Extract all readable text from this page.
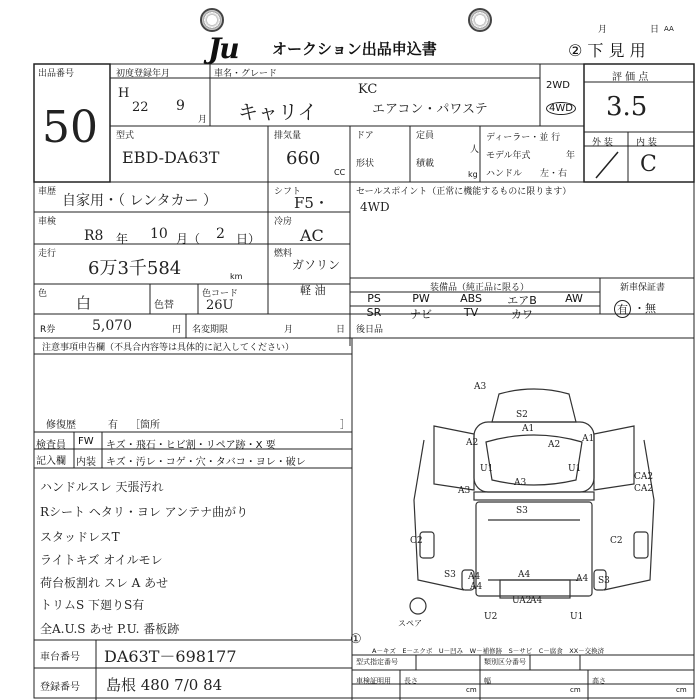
Ju オークション出品申込書
月	日 AA
② 下 見 用
出品番号
50
初度登録年月
H
22 9
月
車名・グレード
キャリイ
KC
エアコン・パワステ
2WD
4WD
評 価 点
3.5
外 装	内 装
C
型式
EBD-DA63T
排気量
660
CC
ドア	定員
人
形状	積載
kg
ディーラー・並 行
モデル年式	年
ハンドル 左・右
車歴
自家用・（ レンタカー ）
シフト
F5・
セールスポイント（正常に機能するものに限ります）
4WD
車検
R8 年 10 月（ 2 日）
冷房
AC
走行
6万3千584	km
燃料
ガソリン
軽 油
色 白	色替
色コード
26U
装備品（純正品に限る）
PS	PW	ABS	エアB	AW
SR	ナビ	TV	カワ
新車保証書
有 ・無
後日品
R券	5,070	円 名変期限	月	日
注意事項申告欄（不具合内容等は具体的に記入してください）
修復歴	有 ［箇所	］
検査員
記入欄
FW キズ・飛石・ヒビ割・リペア跡・X 要
内装 キズ・汚レ・コゲ・穴・タバコ・ヨレ・破レ
ハンドルスレ 天張汚れ
Rシート ヘタリ・ヨレ アンテナ曲がり
スタッドレスT
ライトキズ オイルモレ
荷台板割れ スレ A あせ
トリムS 下廻りS有
全A.U.S あせ P.U. 番板跡
A3
S2
A1
A2	A1
A2
A3
A3
S3
U1	U1
CA2
CA2
C2	C2
S3 A4	A4
A4
A4 S3
UA2
A4
U2	U1
スペア
①
A－キズ　E－エクボ　U－凹み　W－補修跡　S－サビ　C－腐食　XX－交換済
車台番号 DA63T－698177
登録番号 島根 480 7/0 84
型式指定番号	類別区分番号
車検証明用 長さ	幅	高さ
cm	cm	cm
